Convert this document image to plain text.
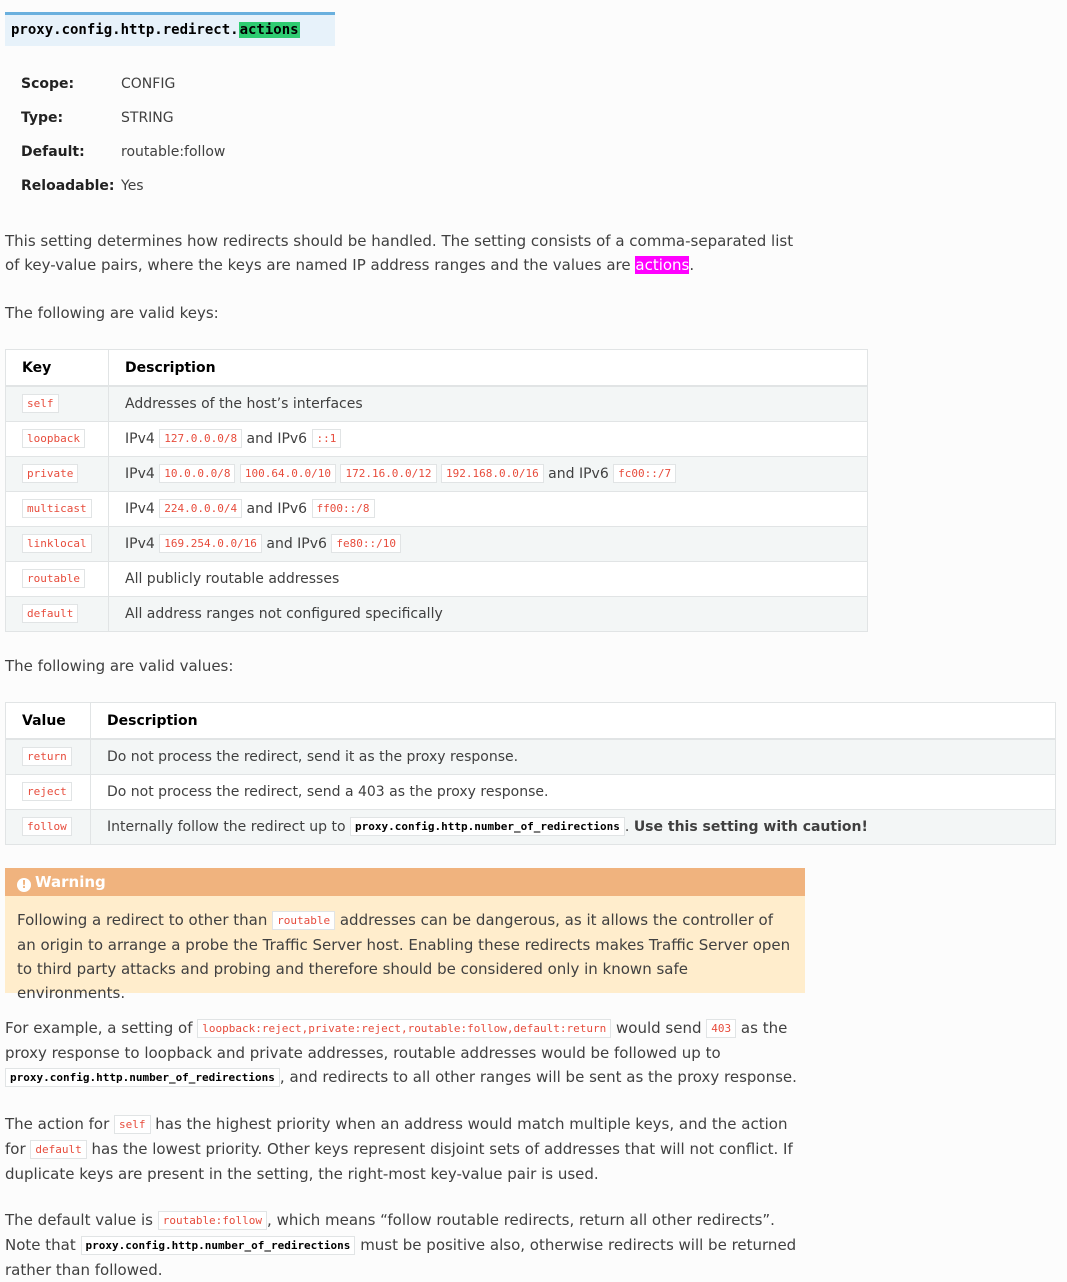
proxy.config.http.redirect.actions
Scope:	CONFIG
Type:	STRING
Default:	routable:follow
Reloadable: Yes
This setting determines how redirects should be handled. The setting consists of a comma-separated list of key-value pairs, where the keys are named IP address ranges and the values are actions.
The following are valid keys:
Key	Description
self	Addresses of the host’s interfaces
loopback	IPv4 127.0.0.0/8 and IPv6 ::1
private	IPv4 10.0.0.0/8 100.64.0.0/10 172.16.0.0/12 192.168.0.0/16 and IPv6 fc00::/7
multicast	IPv4 224.0.0.0/4 and IPv6 ff00::/8
linklocal	IPv4 169.254.0.0/16 and IPv6 fe80::/10
routable	All publicly routable addresses
default	All address ranges not configured specifically
The following are valid values:
Value	Description
return	Do not process the redirect, send it as the proxy response.
reject	Do not process the redirect, send a 403 as the proxy response.
follow	Internally follow the redirect up to proxy.config.http.number_of_redirections . Use this setting with caution!
! Warning
Following a redirect to other than routable addresses can be dangerous, as it allows the controller of an origin to arrange a probe the Traffic Server host. Enabling these redirects makes Traffic Server open to third party attacks and probing and therefore should be considered only in known safe environments.
For example, a setting of loopback:reject,private:reject,routable:follow,default:return would send 403 as the proxy response to loopback and private addresses, routable addresses would be followed up to proxy.config.http.number_of_redirections , and redirects to all other ranges will be sent as the proxy response.
The action for self has the highest priority when an address would match multiple keys, and the action for default has the lowest priority. Other keys represent disjoint sets of addresses that will not conflict. If duplicate keys are present in the setting, the right-most key-value pair is used.
The default value is routable:follow , which means “follow routable redirects, return all other redirects”. Note that proxy.config.http.number_of_redirections must be positive also, otherwise redirects will be returned rather than followed.
